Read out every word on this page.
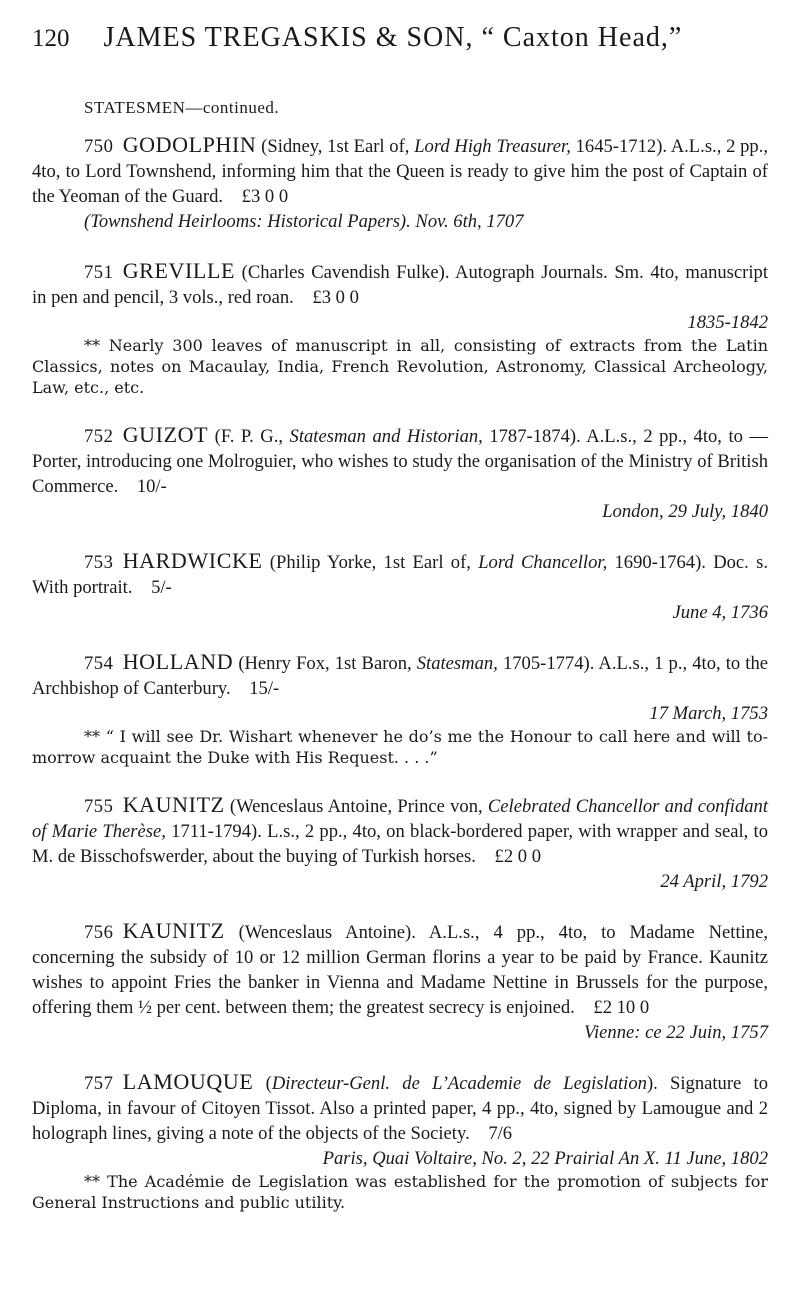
120 JAMES TREGASKIS & SON, “ Caxton Head,”
STATESMEN—continued.
750  GODOLPHIN (Sidney, 1st Earl of, Lord High Treasurer, 1645-1712). A.L.s., 2 pp., 4to, to Lord Townshend, informing him that the Queen is ready to give him the post of Captain of the Yeoman of the Guard.  £3 0 0
(Townshend Heirlooms: Historical Papers). Nov. 6th, 1707
751  GREVILLE (Charles Cavendish Fulke). Autograph Journals. Sm. 4to, manuscript in pen and pencil, 3 vols., red roan.  £3 0 0
1835-1842
** Nearly 300 leaves of manuscript in all, consisting of extracts from the Latin Classics, notes on Macaulay, India, French Revolution, Astronomy, Classical Archeology, Law, etc., etc.
752  GUIZOT (F. P. G., Statesman and Historian, 1787-1874). A.L.s., 2 pp., 4to, to — Porter, introducing one Molroguier, who wishes to study the organisation of the Ministry of British Commerce.  10/-
London, 29 July, 1840
753  HARDWICKE (Philip Yorke, 1st Earl of, Lord Chancellor, 1690-1764). Doc. s. With portrait.  5/-
June 4, 1736
754  HOLLAND (Henry Fox, 1st Baron, Statesman, 1705-1774). A.L.s., 1 p., 4to, to the Archbishop of Canterbury.  15/-
17 March, 1753
** “ I will see Dr. Wishart whenever he do’s me the Honour to call here and will to-morrow acquaint the Duke with His Request. . . .”
755  KAUNITZ (Wenceslaus Antoine, Prince von, Celebrated Chancellor and confidant of Marie Therèse, 1711-1794). L.s., 2 pp., 4to, on black-bordered paper, with wrapper and seal, to M. de Bisschofswerder, about the buying of Turkish horses.  £2 0 0
24 April, 1792
756  KAUNITZ (Wenceslaus Antoine). A.L.s., 4 pp., 4to, to Madame Nettine, concerning the subsidy of 10 or 12 million German florins a year to be paid by France. Kaunitz wishes to appoint Fries the banker in Vienna and Madame Nettine in Brussels for the purpose, offering them ½ per cent. between them; the greatest secrecy is enjoined.  £2 10 0
Vienne: ce 22 Juin, 1757
757  LAMOUQUE (Directeur-Genl. de L’Academie de Legislation). Signature to Diploma, in favour of Citoyen Tissot. Also a printed paper, 4 pp., 4to, signed by Lamougue and 2 holograph lines, giving a note of the objects of the Society.  7/6
Paris, Quai Voltaire, No. 2, 22 Prairial An X. 11 June, 1802
** The Académie de Legislation was established for the promotion of subjects for General Instructions and public utility.
